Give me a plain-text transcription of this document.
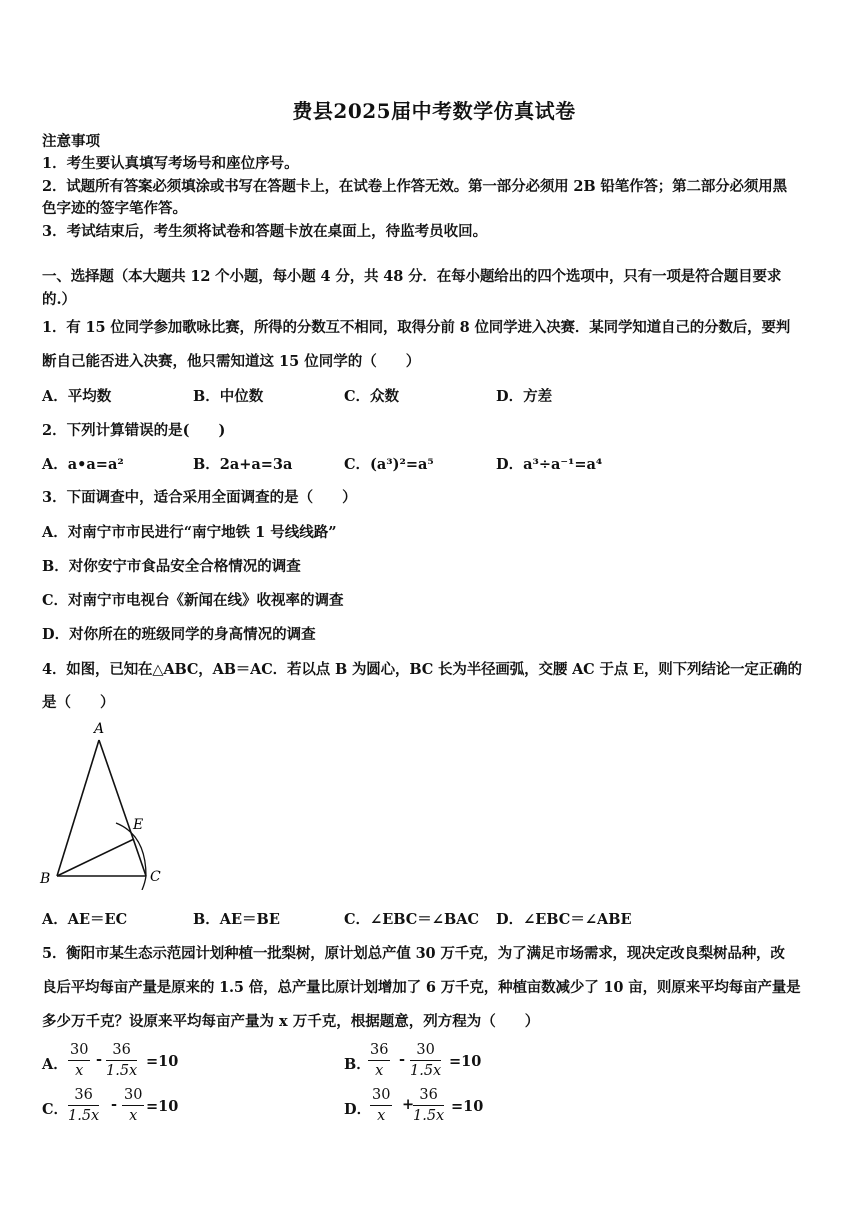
费县2025届中考数学仿真试卷
注意事项
1．考生要认真填写考场号和座位序号。
2．试题所有答案必须填涂或书写在答题卡上，在试卷上作答无效。第一部分必须用 2B 铅笔作答；第二部分必须用黑
色字迹的签字笔作答。
3．考试结束后，考生须将试卷和答题卡放在桌面上，待监考员收回。
一、选择题（本大题共 12 个小题，每小题 4 分，共 48 分．在每小题给出的四个选项中，只有一项是符合题目要求
的.）
1．有 15 位同学参加歌咏比赛，所得的分数互不相同，取得分前 8 位同学进入决赛．某同学知道自己的分数后，要判
断自己能否进入决赛，他只需知道这 15 位同学的（　　）
A．平均数	B．中位数	C．众数	D．方差
2．下列计算错误的是(　　)
A．a•a=a²	B．2a+a=3a	C．(a³)²=a⁵	D．a³÷a⁻¹=a⁴
3．下面调查中，适合采用全面调查的是（　　）
A．对南宁市市民进行“南宁地铁 1 号线线路”
B．对你安宁市食品安全合格情况的调查
C．对南宁市电视台《新闻在线》收视率的调查
D．对你所在的班级同学的身高情况的调查
4．如图，已知在△ABC，AB＝AC．若以点 B 为圆心，BC 长为半径画弧，交腰 AC 于点 E，则下列结论一定正确的
是（　　）
A
B	C
E
A．AE＝EC	B．AE＝BE	C．∠EBC＝∠BAC D．∠EBC＝∠ABE
5．衡阳市某生态示范园计划种植一批梨树，原计划总产值 30 万千克，为了满足市场需求，现决定改良梨树品种，改
良后平均每亩产量是原来的 1.5 倍，总产量比原计划增加了 6 万千克，种植亩数减少了 10 亩，则原来平均每亩产量是
多少万千克？设原来平均每亩产量为 x 万千克，根据题意，列方程为（　　）
A． $\frac{30}{x} - \frac{36}{1.5x} =10$	B．
$\frac{36}{x} - \frac{30}{1.5x} =10$
C． $\frac{36}{1.5x} - \frac{30}{x} =10$	D．
$\frac{30}{x}$ +
$\frac{36}{1.5x} =10$
